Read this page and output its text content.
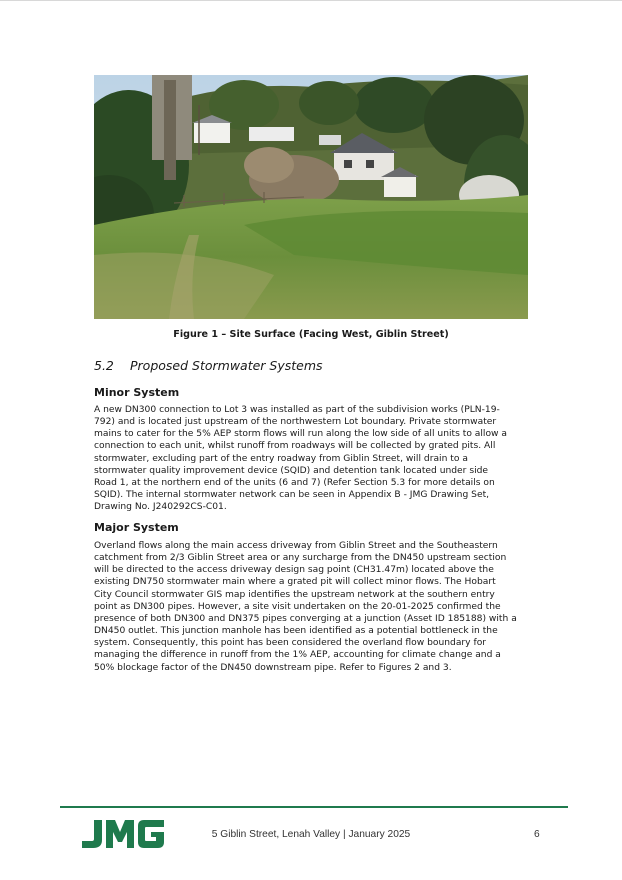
Figure 1 – Site Surface (Facing West, Giblin Street)
5.2 Proposed Stormwater Systems
Minor System
A new DN300 connection to Lot 3 was installed as part of the subdivision works (PLN-19-
792) and is located just upstream of the northwestern Lot boundary. Private stormwater
mains to cater for the 5% AEP storm flows will run along the low side of all units to allow a
connection to each unit, whilst runoff from roadways will be collected by grated pits. All
stormwater, excluding part of the entry roadway from Giblin Street, will drain to a
stormwater quality improvement device (SQID) and detention tank located under side
Road 1, at the northern end of the units (6 and 7) (Refer Section 5.3 for more details on
SQID). The internal stormwater network can be seen in Appendix B - JMG Drawing Set,
Drawing No. J240292CS-C01.
Major System
Overland flows along the main access driveway from Giblin Street and the Southeastern
catchment from 2/3 Giblin Street area or any surcharge from the DN450 upstream section
will be directed to the access driveway design sag point (CH31.47m) located above the
existing DN750 stormwater main where a grated pit will collect minor flows. The Hobart
City Council stormwater GIS map identifies the upstream network at the southern entry
point as DN300 pipes. However, a site visit undertaken on the 20-01-2025 confirmed the
presence of both DN300 and DN375 pipes converging at a junction (Asset ID 185188) with a
DN450 outlet. This junction manhole has been identified as a potential bottleneck in the
system. Consequently, this point has been considered the overland flow boundary for
managing the difference in runoff from the 1% AEP, accounting for climate change and a
50% blockage factor of the DN450 downstream pipe. Refer to Figures 2 and 3.
5 Giblin Street, Lenah Valley | January 2025	6
